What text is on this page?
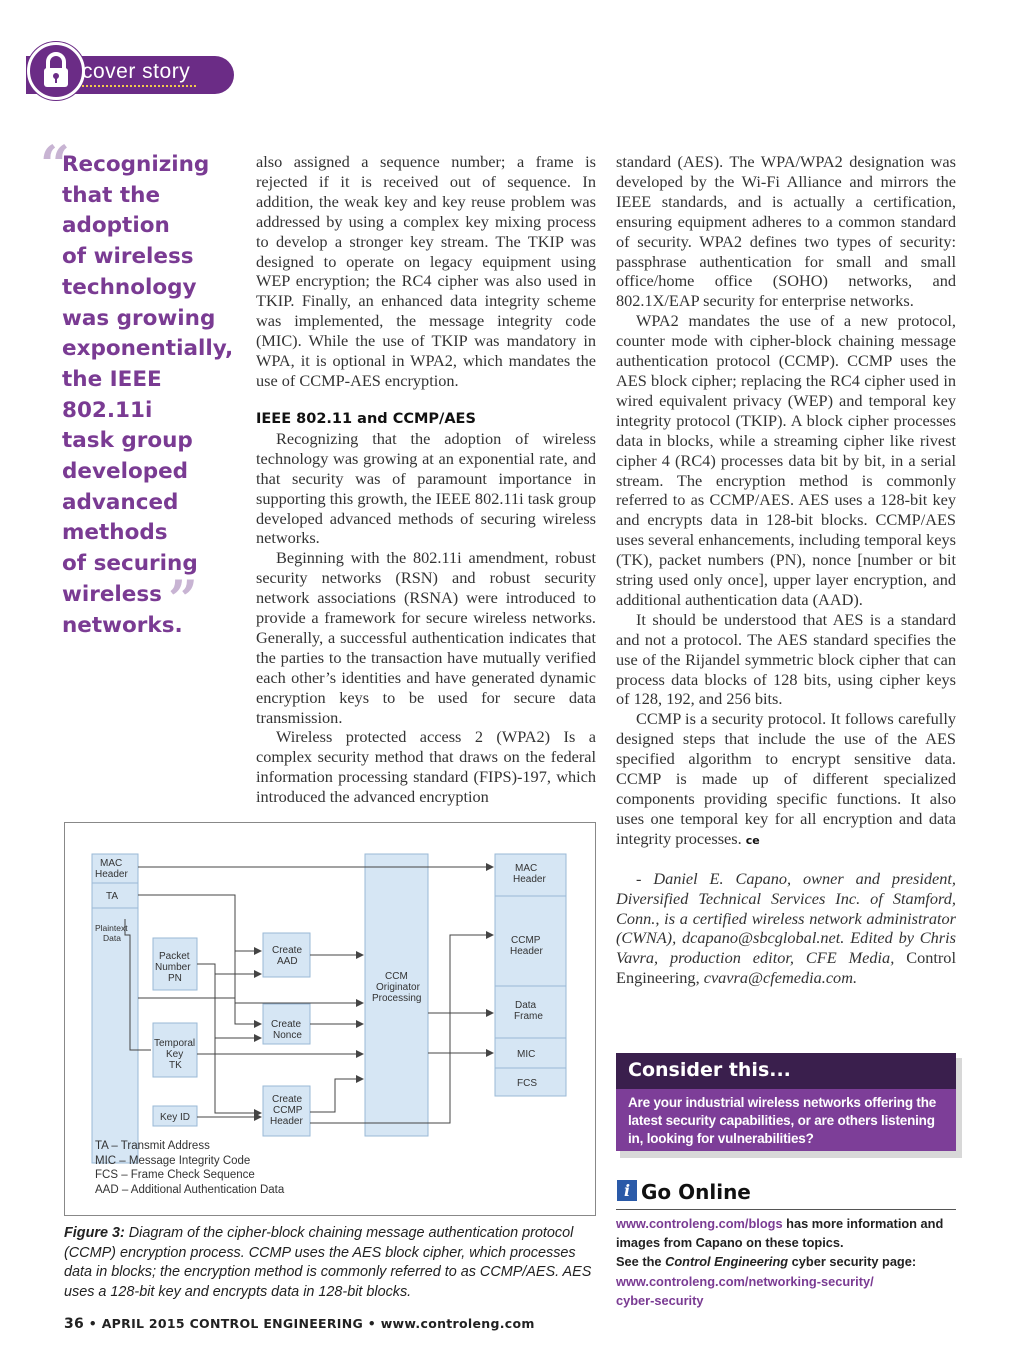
cover story
“
Recognizing
that the
adoption
of wireless
technology
was growing
exponentially,
the IEEE 802.11i
task group
developed
advanced
methods
of securing
wireless
networks.
”

also assigned a sequence number; a frame is rejected if it is received out of sequence. In addition, the weak key and key reuse problem was addressed by using a complex key mixing process to develop a stronger key stream. The TKIP was designed to operate on legacy equipment using WEP encryption; the RC4 cipher was also used in TKIP. Finally, an enhanced data integrity scheme was implemented, the message integrity code (MIC). While the use of TKIP was mandatory in WPA, it is optional in WPA2, which mandates the use of CCMP-AES encryption.

IEEE 802.11 and CCMP/AES

Recognizing that the adoption of wireless technology was growing at an exponential rate, and that security was of paramount importance in supporting this growth, the IEEE 802.11i task group developed advanced methods of securing wireless networks.

Beginning with the 802.11i amendment, robust security networks (RSN) and robust security network associations (RSNA) were introduced to provide a framework for secure wireless networks. Generally, a successful authentication indicates that the parties to the transaction have mutually verified each other’s identities and have generated dynamic encryption keys to be used for secure data transmission.

Wireless protected access 2 (WPA2) Is a complex security method that draws on the federal information processing standard (FIPS)-197, which introduced the advanced encryption

standard (AES). The WPA/WPA2 designation was developed by the Wi-Fi Alliance and mirrors the IEEE standards, and is actually a certification, ensuring equipment adheres to a common standard of security. WPA2 defines two types of security: passphrase authentication for small and small office/home office (SOHO) networks, and 802.1X/EAP security for enterprise networks.

WPA2 mandates the use of a new protocol, counter mode with cipher-block chaining message authentication protocol (CCMP). CCMP uses the AES block cipher; replacing the RC4 cipher used in wired equivalent privacy (WEP) and temporal key integrity protocol (TKIP). A block cipher processes data in blocks, while a streaming cipher like rivest cipher 4 (RC4) processes data bit by bit, in a serial stream. The encryption method is commonly referred to as CCMP/AES. AES uses a 128-bit key and encrypts data in 128-bit blocks. CCMP/AES uses several enhancements, including temporal keys (TK), packet numbers (PN), nonce [number or bit string used only once], upper layer encryption, and additional authentication data (AAD).

It should be understood that AES is a standard and not a protocol. The AES standard specifies the use of the Rijandel symmetric block cipher that can process data blocks of 128 bits, using cipher keys of 128, 192, and 256 bits.

CCMP is a security protocol. It follows carefully designed steps that include the use of the AES specified algorithm to encrypt sensitive data. CCMP is made up of different specialized components providing specific functions. It also uses one temporal key for all encryption and data integrity processes. ce

- Daniel E. Capano, owner and president, Diversified Technical Services Inc. of Stamford, Conn., is a certified wireless network administrator (CWNA), dcapano@sbcglobal.net. Edited by Chris Vavra, production editor, CFE Media, Control Engineering, cvavra@cfemedia.com.

MAC Header
TA
Plaintext Data
Packet Number PN
Temporal Key TK
Key ID
Create AAD
Create Nonce
Create CCMP Header
CCM Originator Processing
MAC Header
CCMP Header
Data Frame
MIC
FCS
TA – Transmit Address
MIC – Message Integrity Code
FCS – Frame Check Sequence
AAD – Additional Authentication Data
Figure 3: Diagram of the cipher-block chaining message authentication protocol (CCMP) encryption process. CCMP uses the AES block cipher, which processes data in blocks; the encryption method is commonly referred to as CCMP/AES. AES uses a 128-bit key and encrypts data in 128-bit blocks.
36 • APRIL 2015 CONTROL ENGINEERING • www.controleng.com
Consider this...
Are your industrial wireless networks offering the latest security capabilities, or are others listening in, looking for vulnerabilities?
i Go Online
www.controleng.com/blogs has more information and images from Capano on these topics.
See the Control Engineering cyber security page:
www.controleng.com/networking-security/
cyber-security
